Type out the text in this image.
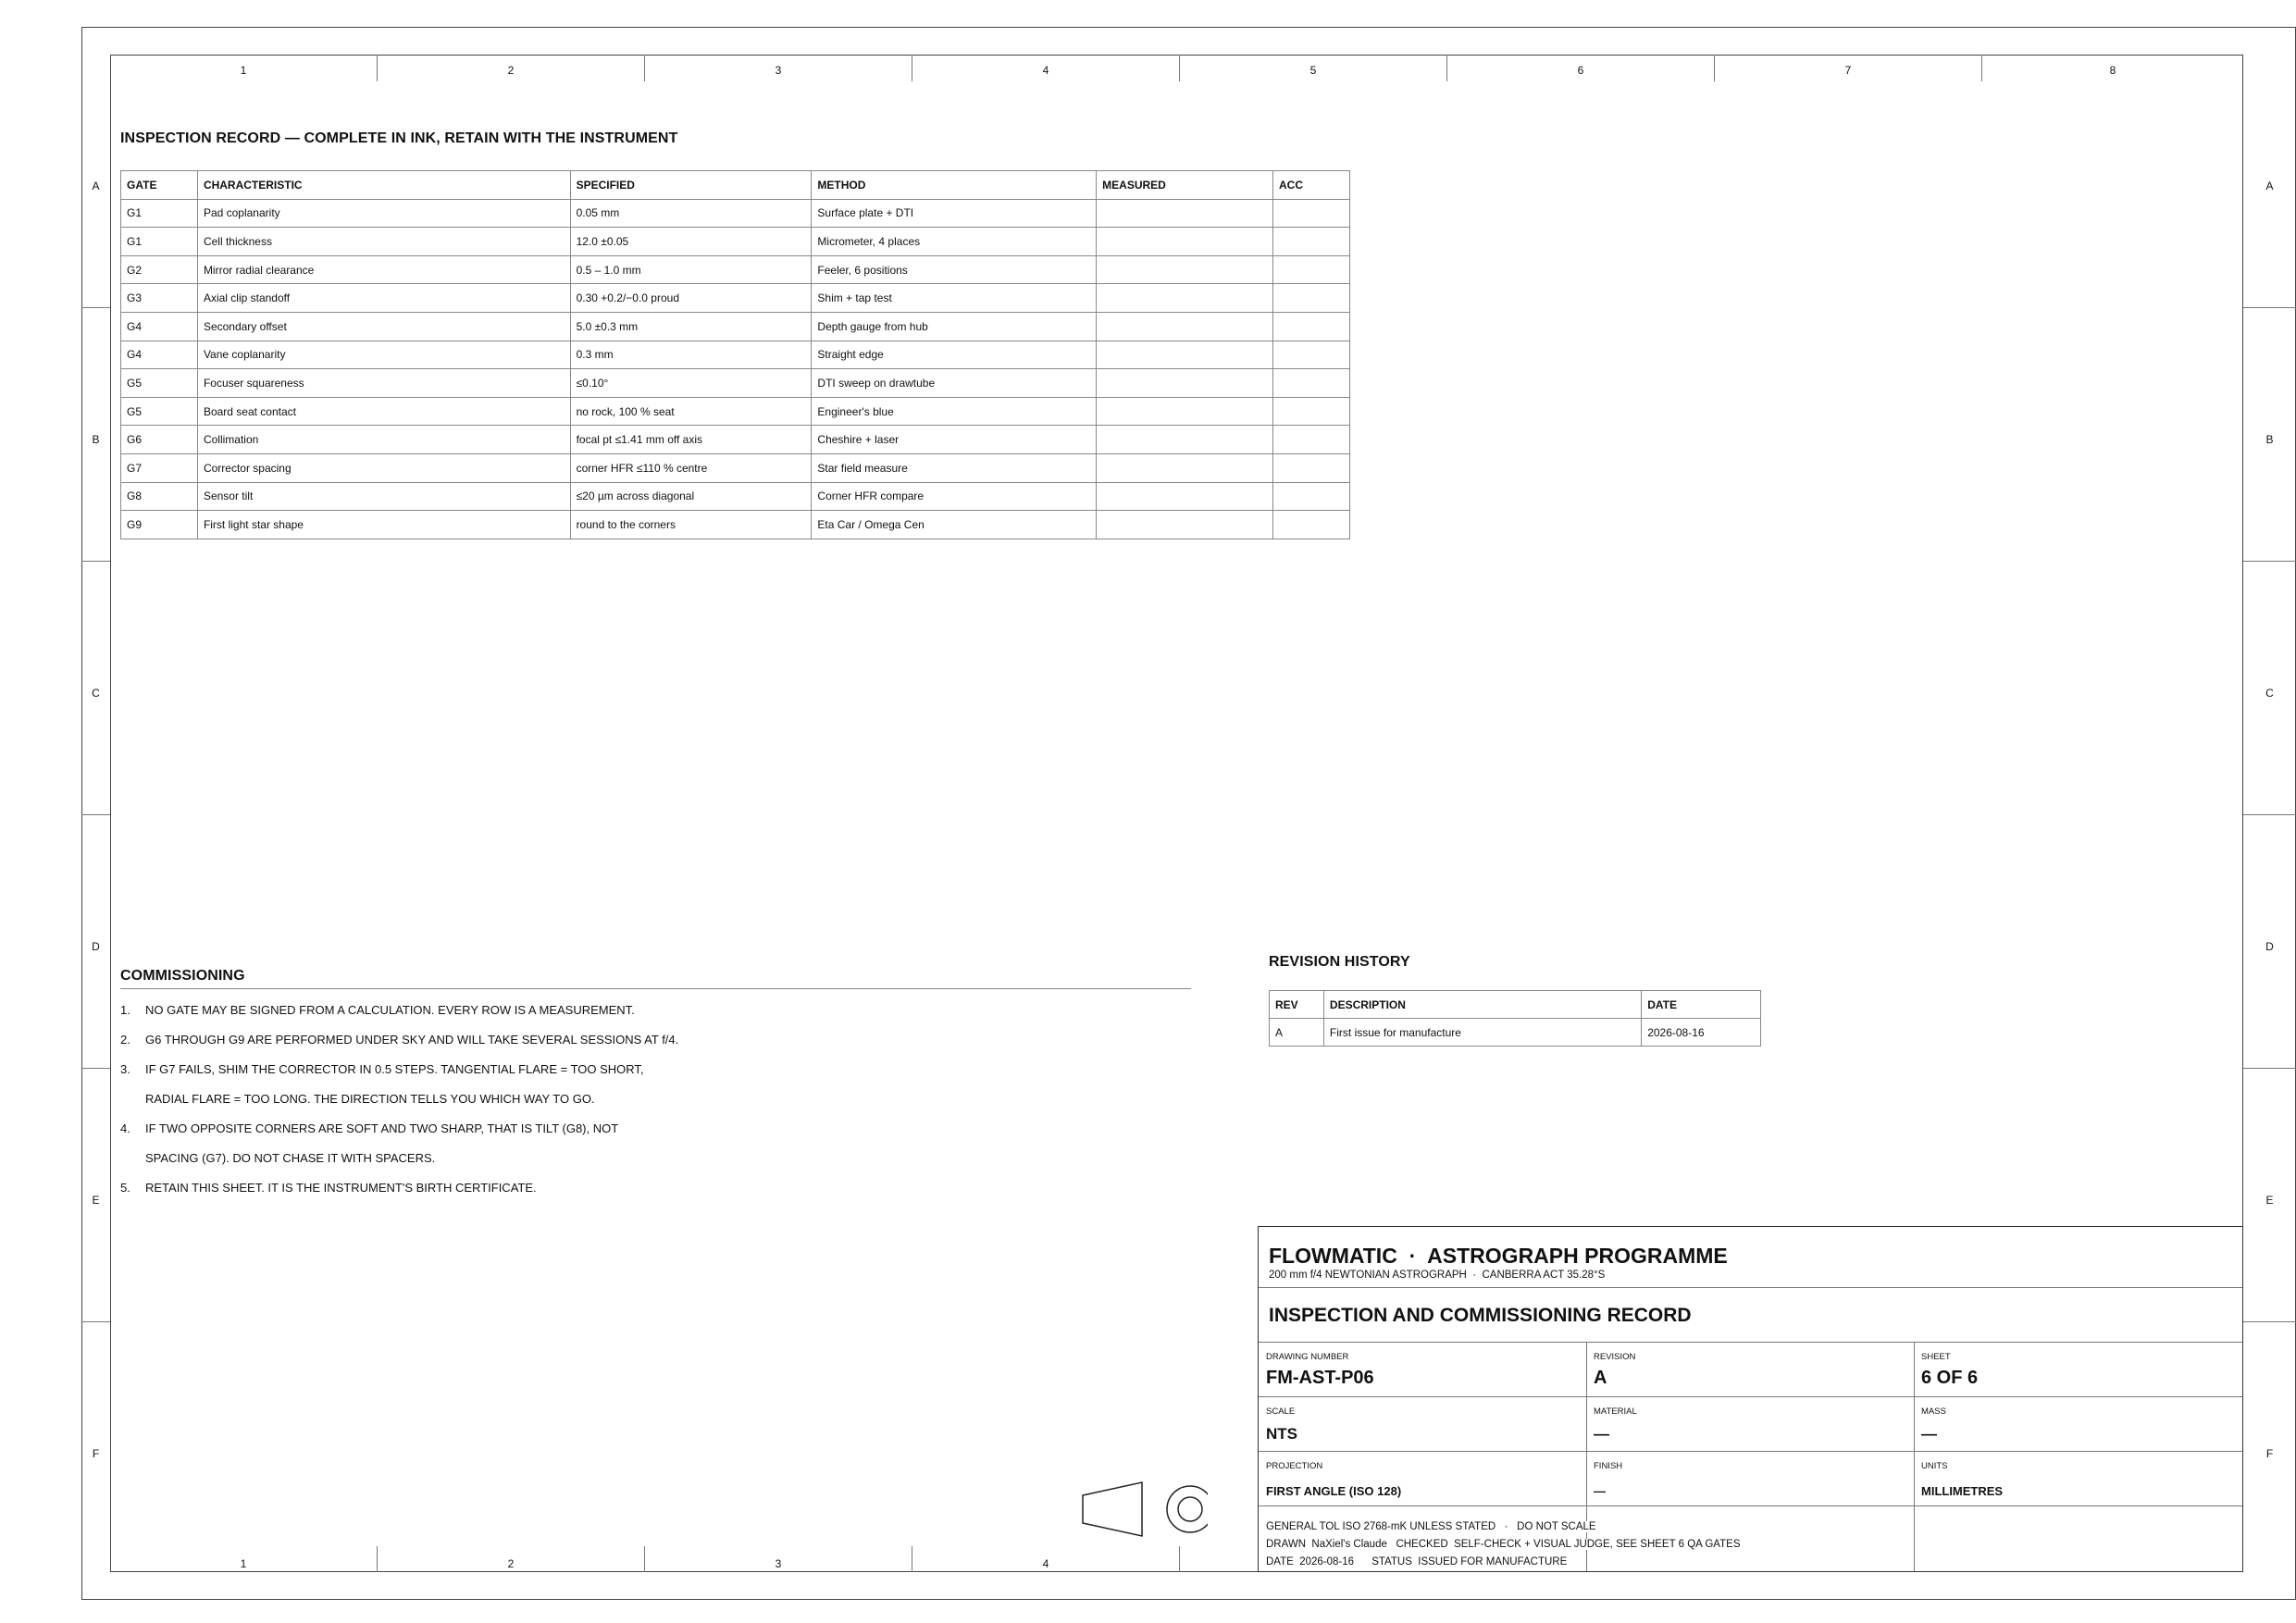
1	2	3	4	5	6	7	8
1	2	3	4
A
B
C
D
E
F
A
B
C
D
E
F
INSPECTION RECORD — COMPLETE IN INK, RETAIN WITH THE INSTRUMENT
GATE	CHARACTERISTIC	SPECIFIED	METHOD	MEASURED	ACC
G1	Pad coplanarity	0.05 mm	Surface plate + DTI		
G1	Cell thickness	12.0 ±0.05	Micrometer, 4 places		
G2	Mirror radial clearance	0.5 – 1.0 mm	Feeler, 6 positions		
G3	Axial clip standoff	0.30 +0.2/−0.0 proud	Shim + tap test		
G4	Secondary offset	5.0 ±0.3 mm	Depth gauge from hub		
G4	Vane coplanarity	0.3 mm	Straight edge		
G5	Focuser squareness	≤0.10°	DTI sweep on drawtube		
G5	Board seat contact	no rock, 100 % seat	Engineer's blue		
G6	Collimation	focal pt ≤1.41 mm off axis	Cheshire + laser		
G7	Corrector spacing	corner HFR ≤110 % centre	Star field measure		
G8	Sensor tilt	≤20 µm across diagonal	Corner HFR compare		
G9	First light star shape	round to the corners	Eta Car / Omega Cen		
COMMISSIONING
1. NO GATE MAY BE SIGNED FROM A CALCULATION. EVERY ROW IS A MEASUREMENT.
2. G6 THROUGH G9 ARE PERFORMED UNDER SKY AND WILL TAKE SEVERAL SESSIONS AT f/4.
3. IF G7 FAILS, SHIM THE CORRECTOR IN 0.5 STEPS. TANGENTIAL FLARE = TOO SHORT,
RADIAL FLARE = TOO LONG. THE DIRECTION TELLS YOU WHICH WAY TO GO.
4. IF TWO OPPOSITE CORNERS ARE SOFT AND TWO SHARP, THAT IS TILT (G8), NOT
SPACING (G7). DO NOT CHASE IT WITH SPACERS.
5. RETAIN THIS SHEET. IT IS THE INSTRUMENT'S BIRTH CERTIFICATE.
REVISION HISTORY
REV	DESCRIPTION	DATE
A	First issue for manufacture	2026-08-16
FLOWMATIC  ·  ASTROGRAPH PROGRAMME
200 mm f/4 NEWTONIAN ASTROGRAPH  ·  CANBERRA ACT 35.28°S
INSPECTION AND COMMISSIONING RECORD
DRAWING NUMBER
FM-AST-P06
REVISION
A
SHEET
6 OF 6
SCALE
NTS
MATERIAL
—
MASS
—
PROJECTION
FIRST ANGLE (ISO 128)
FINISH
—
UNITS
MILLIMETRES
GENERAL TOL ISO 2768-mK UNLESS STATED   ·   DO NOT SCALE
DRAWN  NaXiel's Claude   CHECKED  SELF-CHECK + VISUAL JUDGE, SEE SHEET 6 QA GATES
DATE  2026-08-16      STATUS  ISSUED FOR MANUFACTURE
